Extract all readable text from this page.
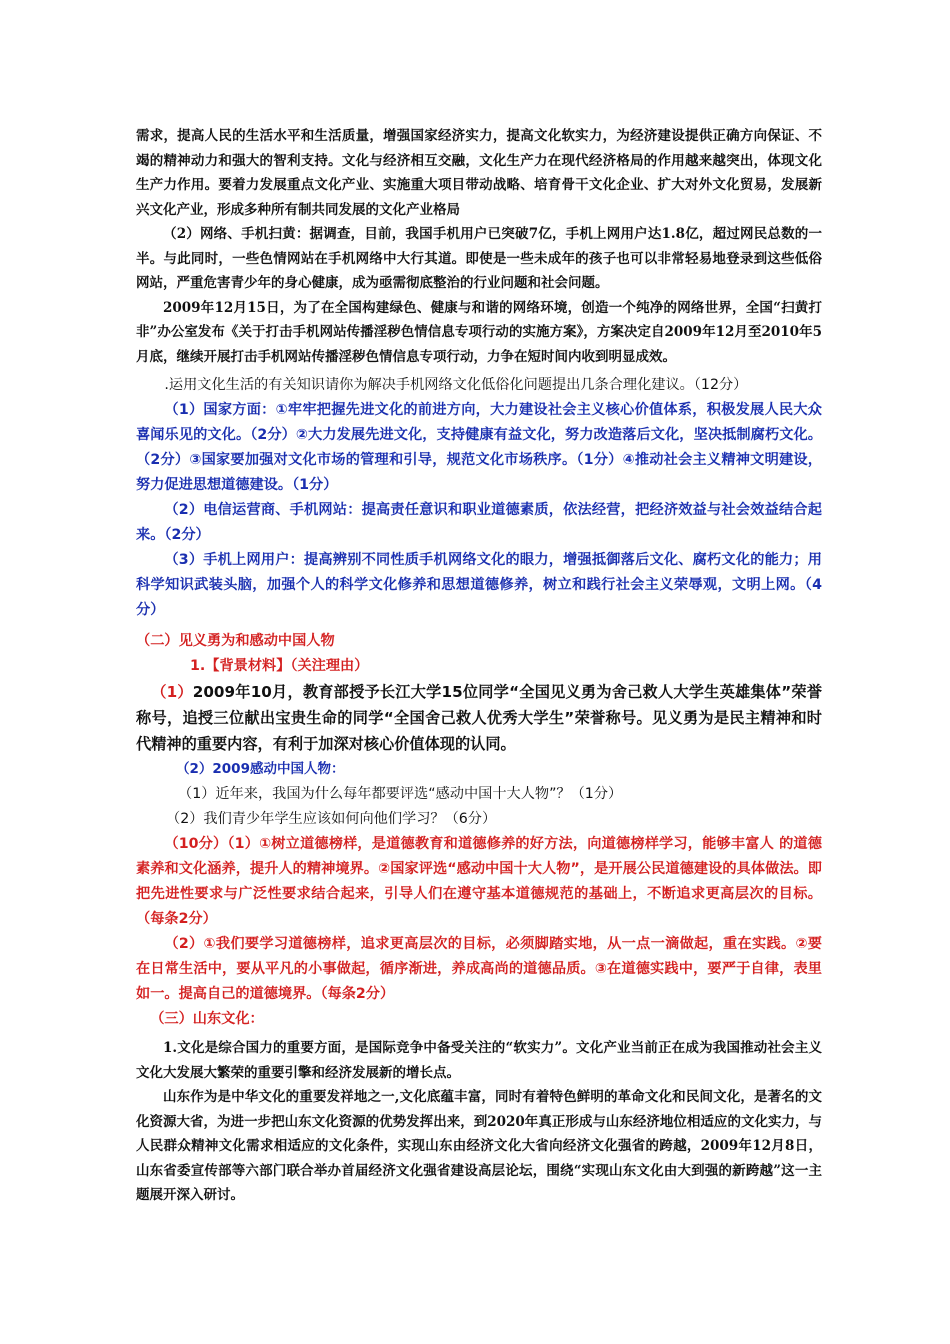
需求，提高人民的生活水平和生活质量，增强国家经济实力，提高文化软实力，为经济建设提供正确方向保证、不竭的精神动力和强大的智利支持。文化与经济相互交融，文化生产力在现代经济格局的作用越来越突出，体现文化生产力作用。要着力发展重点文化产业、实施重大项目带动战略、培育骨干文化企业、扩大对外文化贸易，发展新兴文化产业，形成多种所有制共同发展的文化产业格局

（2）网络、手机扫黄：据调查，目前，我国手机用户已突破7亿，手机上网用户达1.8亿，超过网民总数的一半。与此同时，一些色情网站在手机网络中大行其道。即使是一些未成年的孩子也可以非常轻易地登录到这些低俗网站，严重危害青少年的身心健康，成为亟需彻底整治的行业问题和社会问题。

2009年12月15日，为了在全国构建绿色、健康与和谐的网络环境，创造一个纯净的网络世界，全国“扫黄打非”办公室发布《关于打击手机网站传播淫秽色情信息专项行动的实施方案》，方案决定自2009年12月至2010年5月底，继续开展打击手机网站传播淫秽色情信息专项行动，力争在短时间内收到明显成效。

.运用文化生活的有关知识请你为解决手机网络文化低俗化问题提出几条合理化建议。（12分）

（1）国家方面：①牢牢把握先进文化的前进方向，大力建设社会主义核心价值体系，积极发展人民大众喜闻乐见的文化。（2分）②大力发展先进文化，支持健康有益文化，努力改造落后文化，坚决抵制腐朽文化。（2分）③国家要加强对文化市场的管理和引导，规范文化市场秩序。（1分）④推动社会主义精神文明建设，努力促进思想道德建设。（1分）

（2）电信运营商、手机网站：提高责任意识和职业道德素质，依法经营，把经济效益与社会效益结合起来。（2分）

（3）手机上网用户：提高辨别不同性质手机网络文化的眼力，增强抵御落后文化、腐朽文化的能力；用科学知识武装头脑，加强个人的科学文化修养和思想道德修养，树立和践行社会主义荣辱观，文明上网。（4分）

（二）见义勇为和感动中国人物

1.【背景材料】（关注理由）

（1）2009年10月，教育部授予长江大学15位同学“全国见义勇为舍己救人大学生英雄集体”荣誉称号，追授三位献出宝贵生命的同学“全国舍己救人优秀大学生”荣誉称号。见义勇为是民主精神和时代精神的重要内容，有利于加深对核心价值体现的认同。

（2）2009感动中国人物：

（1）近年来，我国为什么每年都要评选“感动中国十大人物”？（1分）

（2）我们青少年学生应该如何向他们学习？（6分）

（10分）（1）①树立道德榜样，是道德教育和道德修养的好方法，向道德榜样学习，能够丰富人 的道德素养和文化涵养，提升人的精神境界。②国家评选“感动中国十大人物”，是开展公民道德建设的具体做法。即把先进性要求与广泛性要求结合起来，引导人们在遵守基本道德规范的基础上，不断追求更高层次的目标。（每条2分）

（2）①我们要学习道德榜样，追求更高层次的目标，必须脚踏实地，从一点一滴做起，重在实践。②要在日常生活中，要从平凡的小事做起，循序渐进，养成高尚的道德品质。③在道德实践中，要严于自律，表里如一。提高自己的道德境界。（每条2分）

（三）山东文化：

1.文化是综合国力的重要方面，是国际竞争中备受关注的“软实力”。文化产业当前正在成为我国推动社会主义文化大发展大繁荣的重要引擎和经济发展新的增长点。

山东作为是中华文化的重要发祥地之一,文化底蕴丰富，同时有着特色鲜明的革命文化和民间文化，是著名的文化资源大省，为进一步把山东文化资源的优势发挥出来，到2020年真正形成与山东经济地位相适应的文化实力，与人民群众精神文化需求相适应的文化条件，实现山东由经济文化大省向经济文化强省的跨越，2009年12月8日，山东省委宣传部等六部门联合举办首届经济文化强省建设高层论坛，围绕“实现山东文化由大到强的新跨越”这一主题展开深入研讨。
